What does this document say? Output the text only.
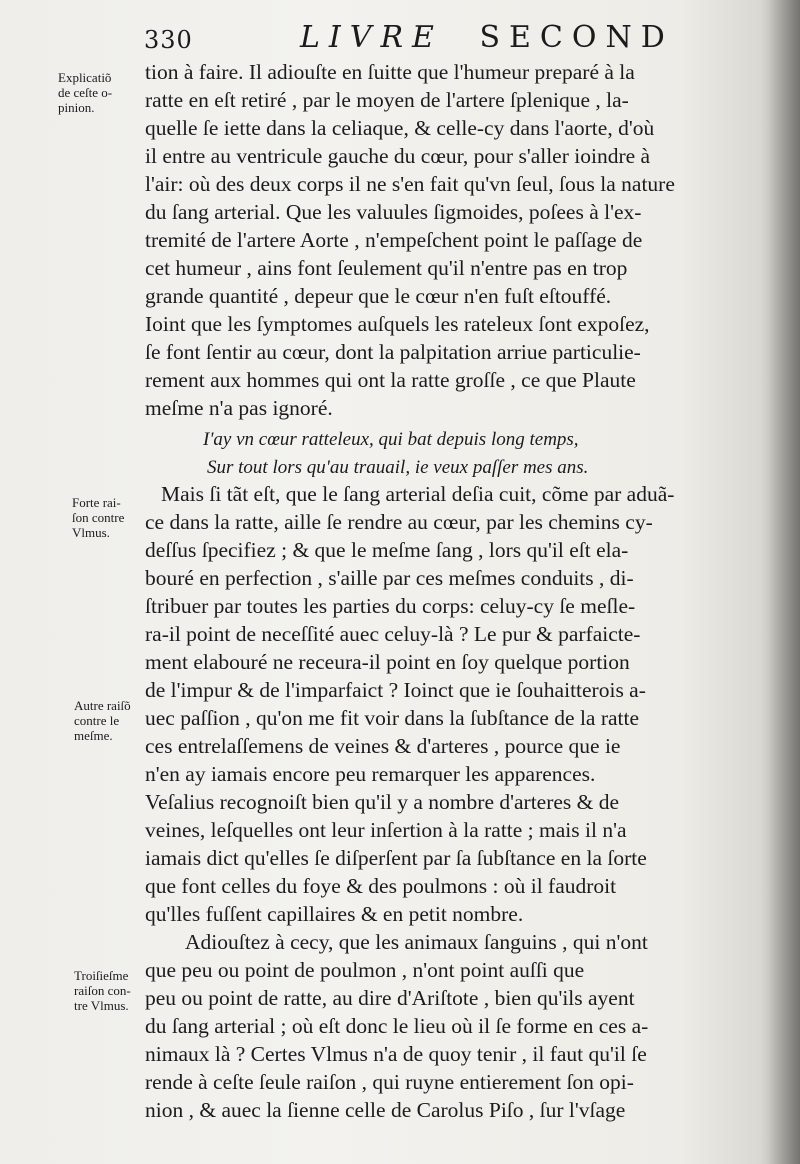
330	LIVRE SECOND
Explicatiõ
de ceſte o-
pinion.
Forte rai-
ſon contre
Vlmus.
Autre raiſõ
contre le
meſme.
Troiſieſme
raiſon con-
tre Vlmus.
tion à faire. Il adiouſte en ſuitte que l'humeur preparé à la
ratte en eſt retiré , par le moyen de l'artere ſplenique , la-
quelle ſe iette dans la celiaque, & celle-cy dans l'aorte, d'où
il entre au ventricule gauche du cœur, pour s'aller ioindre à
l'air: où des deux corps il ne s'en fait qu'vn ſeul, ſous la nature
du ſang arterial. Que les valuules ſigmoides, poſees à l'ex-
tremité de l'artere Aorte , n'empeſchent point le paſſage de
cet humeur , ains font ſeulement qu'il n'entre pas en trop
grande quantité , depeur que le cœur n'en fuſt eſtouffé.
Ioint que les ſymptomes auſquels les rateleux ſont expoſez,
ſe font ſentir au cœur, dont la palpitation arriue particulie-
rement aux hommes qui ont la ratte groſſe , ce que Plaute
meſme n'a pas ignoré.
I'ay vn cœur ratteleux, qui bat depuis long temps,
Sur tout lors qu'au trauail, ie veux paſſer mes ans.
Mais ſi tãt eſt, que le ſang arterial deſia cuit, cõme par aduã-
ce dans la ratte, aille ſe rendre au cœur, par les chemins cy-
deſſus ſpecifiez ; & que le meſme ſang , lors qu'il eſt ela-
bouré en perfection , s'aille par ces meſmes conduits , di-
ſtribuer par toutes les parties du corps: celuy-cy ſe meſle-
ra-il point de neceſſité auec celuy-là ? Le pur & parfaicte-
ment elabouré ne receura-il point en ſoy quelque portion
de l'impur & de l'imparfaict ? Ioinct que ie ſouhaitterois a-
uec paſſion , qu'on me fit voir dans la ſubſtance de la ratte
ces entrelaſſemens de veines & d'arteres , pource que ie
n'en ay iamais encore peu remarquer les apparences.
Veſalius recognoiſt bien qu'il y a nombre d'arteres & de
veines, leſquelles ont leur inſertion à la ratte ; mais il n'a
iamais dict qu'elles ſe diſperſent par ſa ſubſtance en la ſorte
que font celles du foye & des poulmons : où il faudroit
qu'lles fuſſent capillaires & en petit nombre.
Adiouſtez à cecy, que les animaux ſanguins , qui n'ont
que peu ou point de poulmon , n'ont point auſſi que
peu ou point de ratte, au dire d'Ariſtote , bien qu'ils ayent
du ſang arterial ; où eſt donc le lieu où il ſe forme en ces a-
nimaux là ? Certes Vlmus n'a de quoy tenir , il faut qu'il ſe
rende à ceſte ſeule raiſon , qui ruyne entierement ſon opi-
nion , & auec la ſienne celle de Carolus Piſo , ſur l'vſage
